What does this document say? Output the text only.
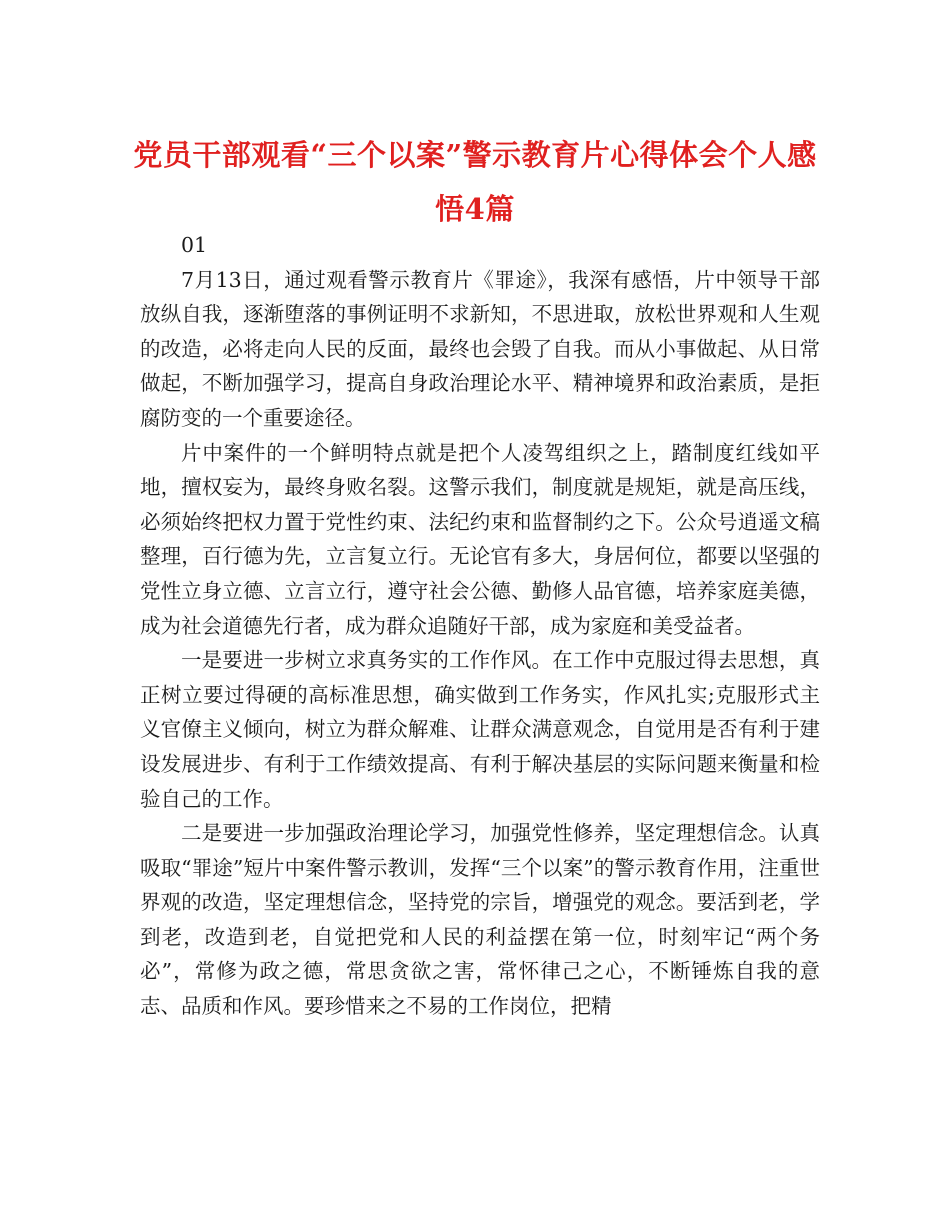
党员干部观看“三个以案”警示教育片心得体会个人感悟4篇

01

7月13日，通过观看警示教育片《罪途》，我深有感悟，片中领导干部放纵自我，逐渐堕落的事例证明不求新知，不思进取，放松世界观和人生观的改造，必将走向人民的反面，最终也会毁了自我。而从小事做起、从日常做起，不断加强学习，提高自身政治理论水平、精神境界和政治素质，是拒腐防变的一个重要途径。

片中案件的一个鲜明特点就是把个人凌驾组织之上，踏制度红线如平地，擅权妄为，最终身败名裂。这警示我们，制度就是规矩，就是高压线，必须始终把权力置于党性约束、法纪约束和监督制约之下。公众号逍遥文稿整理，百行德为先，立言复立行。无论官有多大，身居何位，都要以坚强的党性立身立德、立言立行，遵守社会公德、勤修人品官德，培养家庭美德，成为社会道德先行者，成为群众追随好干部，成为家庭和美受益者。

一是要进一步树立求真务实的工作作风。在工作中克服过得去思想，真正树立要过得硬的高标准思想，确实做到工作务实，作风扎实;克服形式主义官僚主义倾向，树立为群众解难、让群众满意观念，自觉用是否有利于建设发展进步、有利于工作绩效提高、有利于解决基层的实际问题来衡量和检验自己的工作。

二是要进一步加强政治理论学习，加强党性修养，坚定理想信念。认真吸取“罪途”短片中案件警示教训，发挥“三个以案”的警示教育作用，注重世界观的改造，坚定理想信念，坚持党的宗旨，增强党的观念。要活到老，学到老，改造到老，自觉把党和人民的利益摆在第一位，时刻牢记“两个务必”，常修为政之德，常思贪欲之害，常怀律己之心，不断锤炼自我的意志、品质和作风。要珍惜来之不易的工作岗位，把精
